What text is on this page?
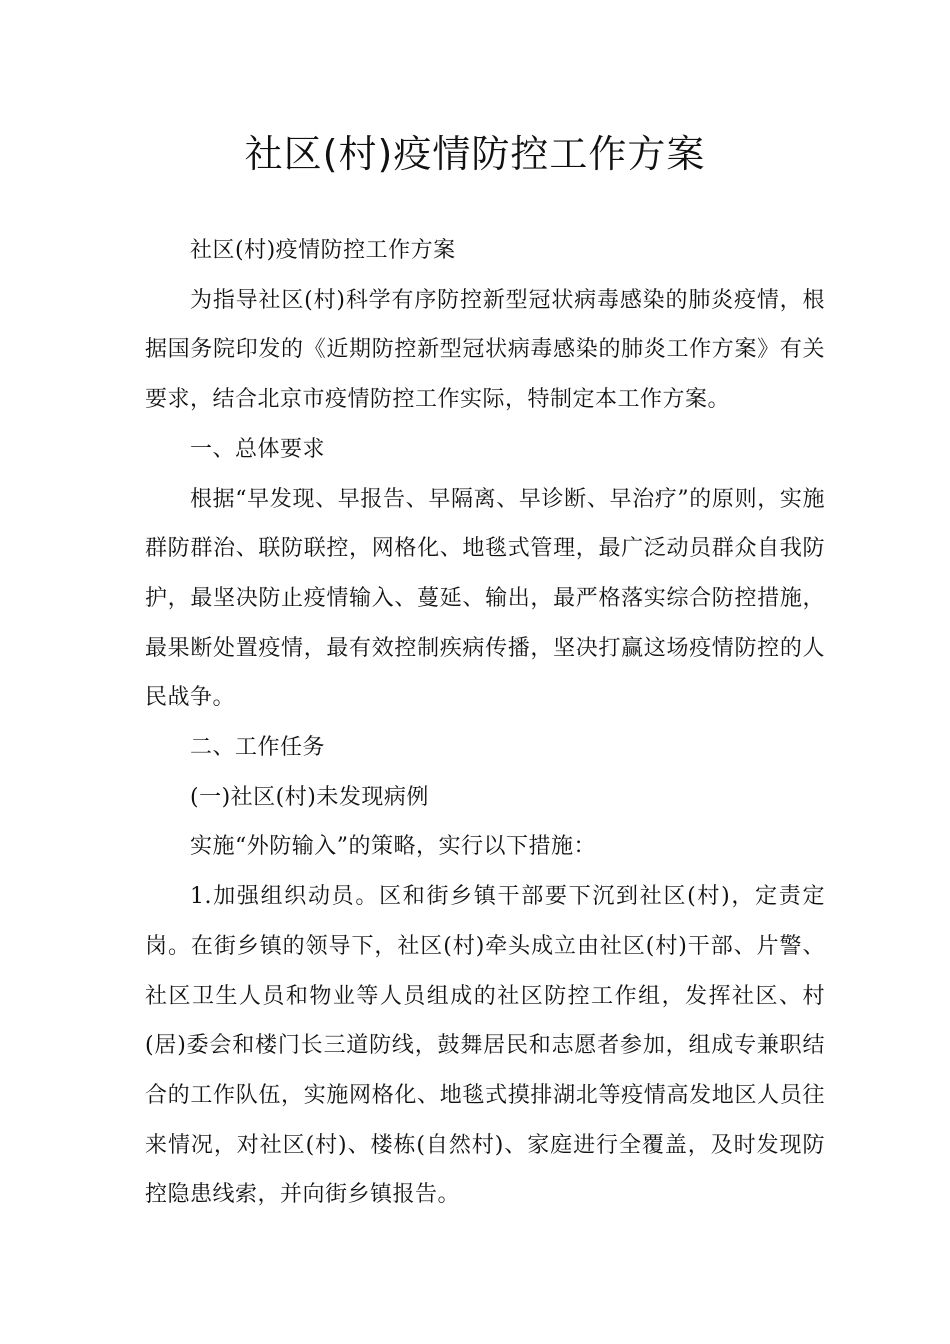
社区(村)疫情防控工作方案

社区(村)疫情防控工作方案

为指导社区(村)科学有序防控新型冠状病毒感染的肺炎疫情，根据国务院印发的《近期防控新型冠状病毒感染的肺炎工作方案》有关要求，结合北京市疫情防控工作实际，特制定本工作方案。

一、总体要求

根据“早发现、早报告、早隔离、早诊断、早治疗”的原则，实施群防群治、联防联控，网格化、地毯式管理，最广泛动员群众自我防护，最坚决防止疫情输入、蔓延、输出，最严格落实综合防控措施，最果断处置疫情，最有效控制疾病传播，坚决打赢这场疫情防控的人民战争。

二、工作任务

(一)社区(村)未发现病例

实施“外防输入”的策略，实行以下措施：

1.加强组织动员。区和街乡镇干部要下沉到社区(村)，定责定岗。在街乡镇的领导下，社区(村)牵头成立由社区(村)干部、片警、社区卫生人员和物业等人员组成的社区防控工作组，发挥社区、村(居)委会和楼门长三道防线，鼓舞居民和志愿者参加，组成专兼职结合的工作队伍，实施网格化、地毯式摸排湖北等疫情高发地区人员往来情况，对社区(村)、楼栋(自然村)、家庭进行全覆盖，及时发现防控隐患线索，并向街乡镇报告。
